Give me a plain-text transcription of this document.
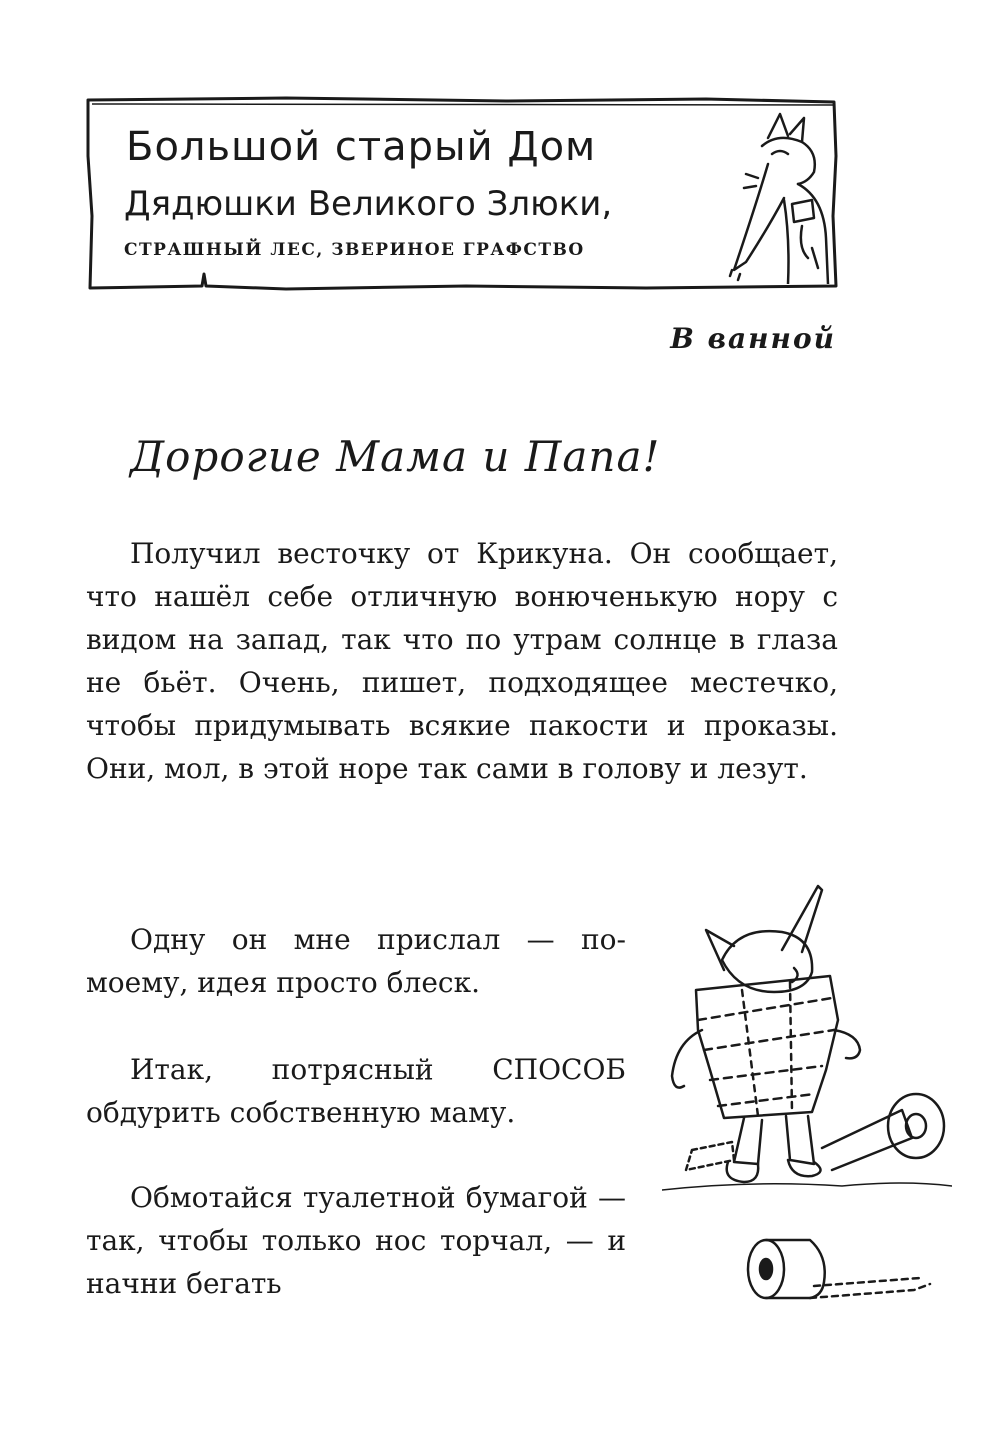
Большой старый Дом
Дядюшки Великого Злюки,
СТРАШНЫЙ ЛЕС, ЗВЕРИНОЕ ГРАФСТВО
В ванной
Дорогие Мама и Папа!

Получил весточку от Крикуна. Он сообщает, что нашёл себе отличную вонючeнькую нору с видом на запад, так что по утрам солнце в глаза не бьёт. Очень, пишет, подходящее местечко, чтобы придумывать всякие пакости и проказы. Они, мол, в этой норе так сами в голову и лезут.

Одну он мне прислал — по-моему, идея просто блеск.

Итак, потрясный СПОСОБ обдурить собственную маму.

Обмотайся туалетной бумагой — так, чтобы только нос торчал, — и начни бегать
